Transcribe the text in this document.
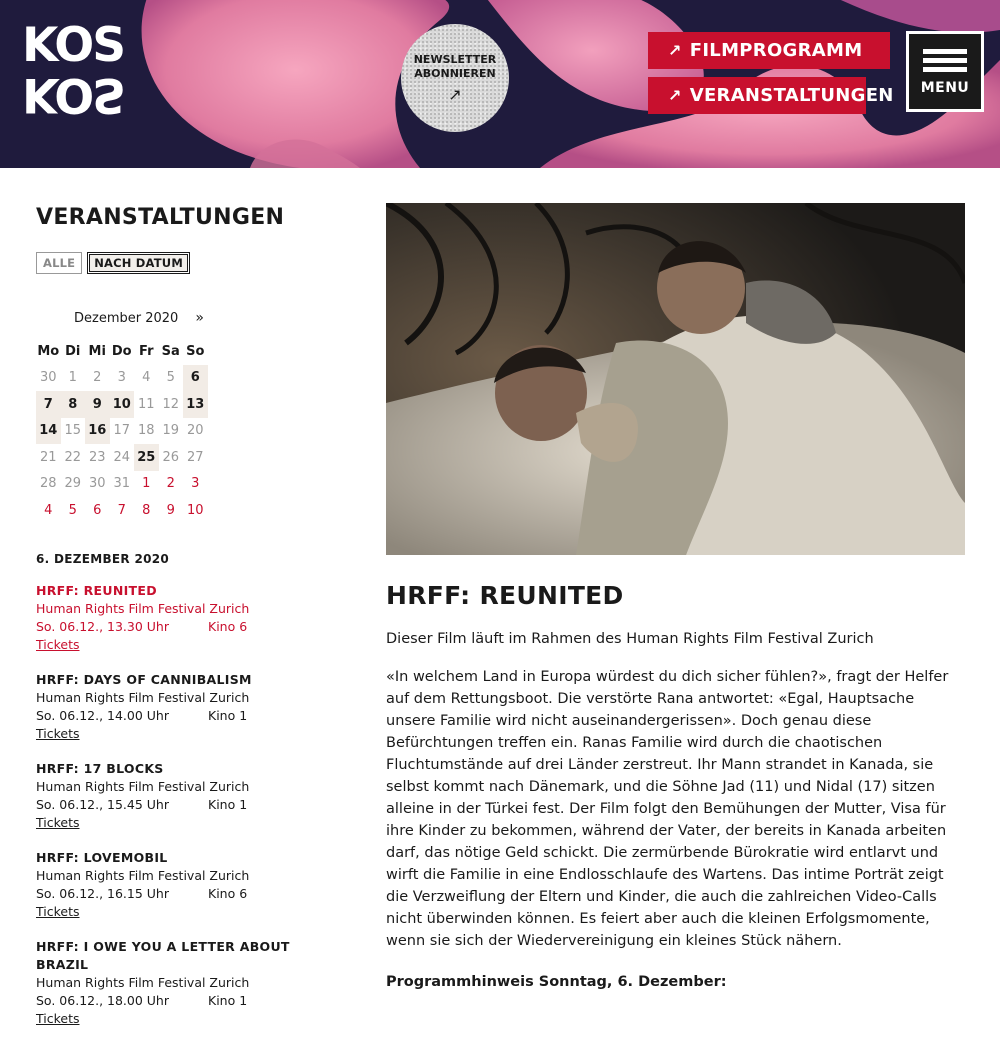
KOS
KOS
NEWSLETTER ABONNIEREN
↗
↗ FILMPROGRAMM
↗ VERANSTALTUNGEN MENU
VERANSTALTUNGEN
ALLE	NACH DATUM
Dezember 2020 »
Mo Di Mi Do Fr Sa So
30 1	2	3	4	5	6
7	8	9 10 11 12 13
14 15 16 17 18 19 20
21 22 23 24 25 26 27
28 29 30 31 1	2	3
4	5	6	7	8	9 10
6. DEZEMBER 2020
HRFF: REUNITED
Human Rights Film Festival Zurich
So. 06.12., 13.30 Uhr	Kino 6
Tickets
HRFF: DAYS OF CANNIBALISM
Human Rights Film Festival Zurich
So. 06.12., 14.00 Uhr	Kino 1
Tickets
HRFF: 17 BLOCKS
Human Rights Film Festival Zurich
So. 06.12., 15.45 Uhr	Kino 1
Tickets
HRFF: LOVEMOBIL
Human Rights Film Festival Zurich
So. 06.12., 16.15 Uhr	Kino 6
Tickets
HRFF: I OWE YOU A LETTER ABOUT BRAZIL
Human Rights Film Festival Zurich
So. 06.12., 18.00 Uhr	Kino 1
Tickets
HRFF: REUNITED
Dieser Film läuft im Rahmen des Human Rights Film Festival Zurich
«In welchem Land in Europa würdest du dich sicher fühlen?», fragt der Helfer auf dem Rettungsboot. Die verstörte Rana antwortet: «Egal, Hauptsache unsere Familie wird nicht auseinandergerissen». Doch genau diese Befürchtungen treffen ein. Ranas Familie wird durch die chaotischen Fluchtumstände auf drei Länder zerstreut. Ihr Mann strandet in Kanada, sie selbst kommt nach Dänemark, und die Söhne Jad (11) und Nidal (17) sitzen alleine in der Türkei fest. Der Film folgt den Bemühungen der Mutter, Visa für ihre Kinder zu bekommen, während der Vater, der bereits in Kanada arbeiten darf, das nötige Geld schickt. Die zermürbende Bürokratie wird entlarvt und wirft die Familie in eine Endlosschlaufe des Wartens. Das intime Porträt zeigt die Verzweiflung der Eltern und Kinder, die auch die zahlreichen Video-Calls nicht überwinden können. Es feiert aber auch die kleinen Erfolgsmomente, wenn sie sich der Wiedervereinigung ein kleines Stück nähern.
Programmhinweis Sonntag, 6. Dezember:
